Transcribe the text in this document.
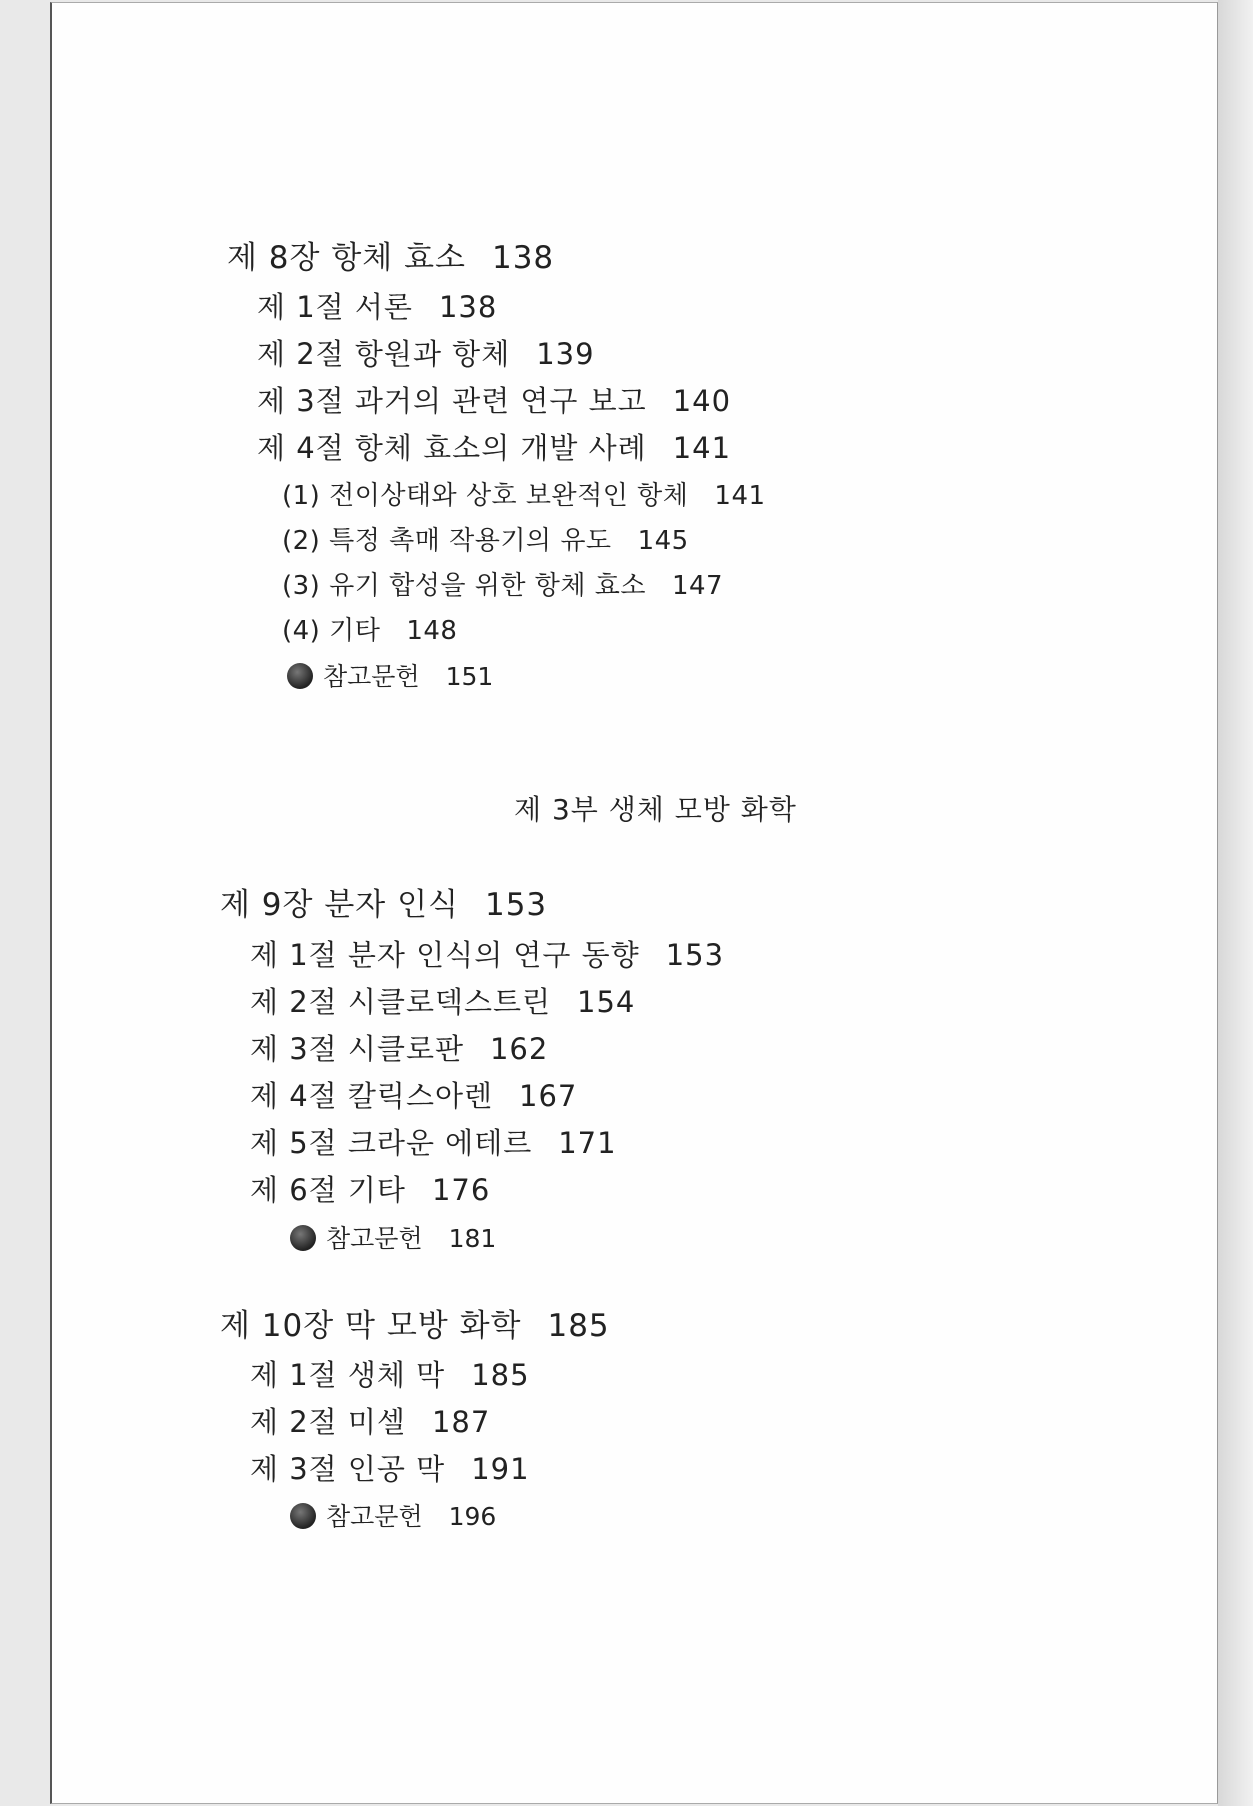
제 8장 항체 효소 138
제 1절 서론 138
제 2절 항원과 항체 139
제 3절 과거의 관련 연구 보고 140
제 4절 항체 효소의 개발 사례 141
(1) 전이상태와 상호 보완적인 항체 141
(2) 특정 촉매 작용기의 유도 145
(3) 유기 합성을 위한 항체 효소 147
(4) 기타 148
참고문헌 151
제 3부 생체 모방 화학
제 9장 분자 인식 153
제 1절 분자 인식의 연구 동향 153
제 2절 시클로덱스트린 154
제 3절 시클로판 162
제 4절 칼릭스아렌 167
제 5절 크라운 에테르 171
제 6절 기타 176
참고문헌 181
제 10장 막 모방 화학 185
제 1절 생체 막 185
제 2절 미셀 187
제 3절 인공 막 191
참고문헌 196
